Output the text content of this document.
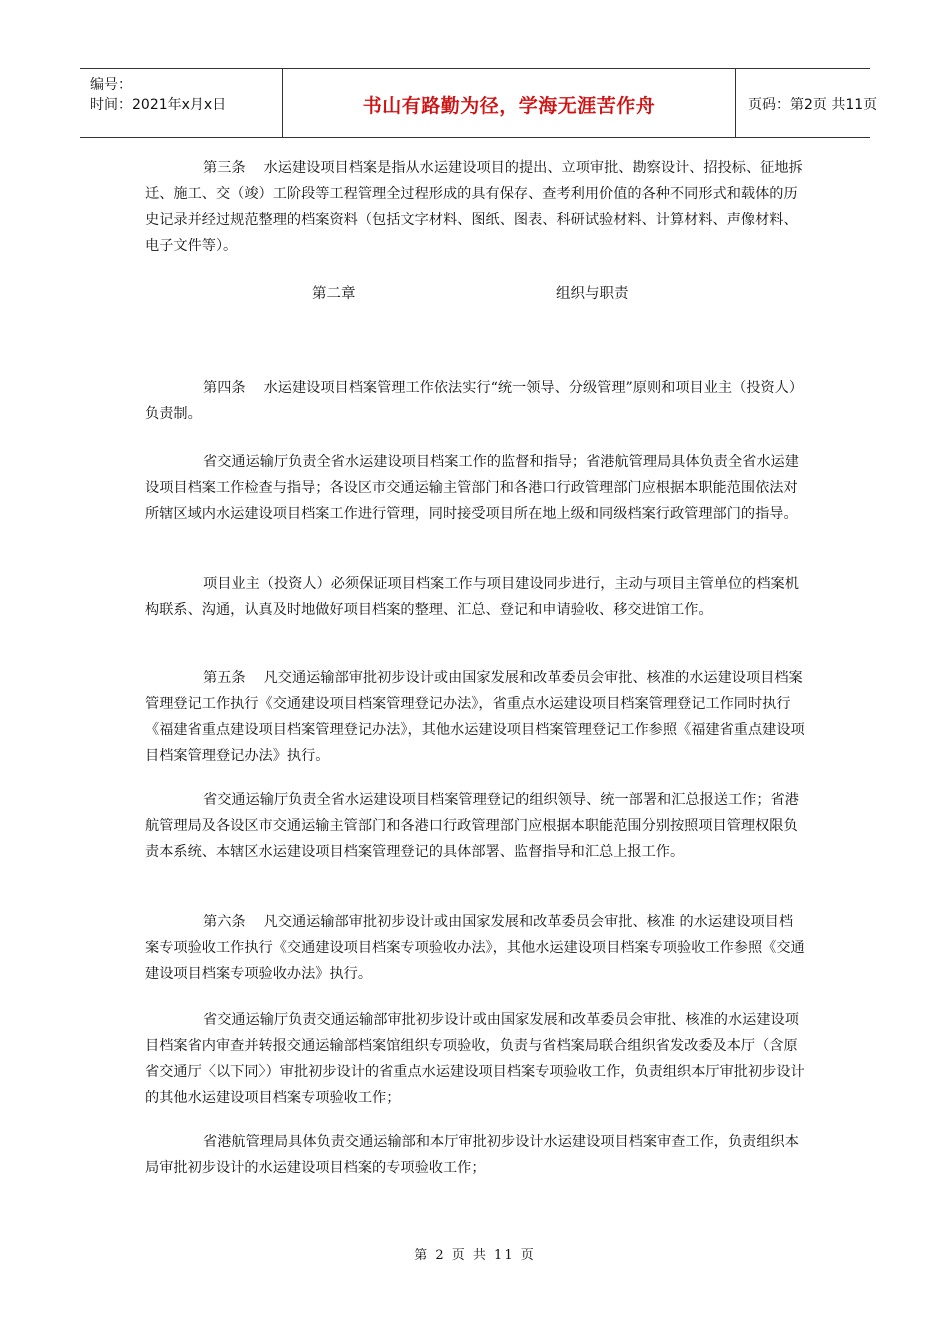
编号：
时间：2021年x月x日	书山有路勤为径，学海无涯苦作舟	页码：第2页 共11页

第三条 水运建设项目档案是指从水运建设项目的提出、立项审批、勘察设计、招投标、征地拆迁、施工、交（竣）工阶段等工程管理全过程形成的具有保存、查考利用价值的各种不同形式和载体的历史记录并经过规范整理的档案资料（包括文字材料、图纸、图表、科研试验材料、计算材料、声像材料、电子文件等）。

第二章	组织与职责

第四条 水运建设项目档案管理工作依法实行“统一领导、分级管理”原则和项目业主（投资人）负责制。

省交通运输厅负责全省水运建设项目档案工作的监督和指导；省港航管理局具体负责全省水运建设项目档案工作检查与指导；各设区市交通运输主管部门和各港口行政管理部门应根据本职能范围依法对所辖区域内水运建设项目档案工作进行管理，同时接受项目所在地上级和同级档案行政管理部门的指导。

项目业主（投资人）必须保证项目档案工作与项目建设同步进行，主动与项目主管单位的档案机构联系、沟通，认真及时地做好项目档案的整理、汇总、登记和申请验收、移交进馆工作。

第五条 凡交通运输部审批初步设计或由国家发展和改革委员会审批、核准的水运建设项目档案管理登记工作执行《交通建设项目档案管理登记办法》，省重点水运建设项目档案管理登记工作同时执行《福建省重点建设项目档案管理登记办法》，其他水运建设项目档案管理登记工作参照《福建省重点建设项目档案管理登记办法》执行。

省交通运输厅负责全省水运建设项目档案管理登记的组织领导、统一部署和汇总报送工作；省港航管理局及各设区市交通运输主管部门和各港口行政管理部门应根据本职能范围分别按照项目管理权限负责本系统、本辖区水运建设项目档案管理登记的具体部署、监督指导和汇总上报工作。

第六条 凡交通运输部审批初步设计或由国家发展和改革委员会审批、核准 的水运建设项目档案专项验收工作执行《交通建设项目档案专项验收办法》，其他水运建设项目档案专项验收工作参照《交通建设项目档案专项验收办法》执行。

省交通运输厅负责交通运输部审批初步设计或由国家发展和改革委员会审批、核准的水运建设项目档案省内审查并转报交通运输部档案馆组织专项验收，负责与省档案局联合组织省发改委及本厅（含原省交通厅〈以下同〉）审批初步设计的省重点水运建设项目档案专项验收工作，负责组织本厅审批初步设计的其他水运建设项目档案专项验收工作；

省港航管理局具体负责交通运输部和本厅审批初步设计水运建设项目档案审查工作，负责组织本局审批初步设计的水运建设项目档案的专项验收工作；

第 2 页 共 11 页
